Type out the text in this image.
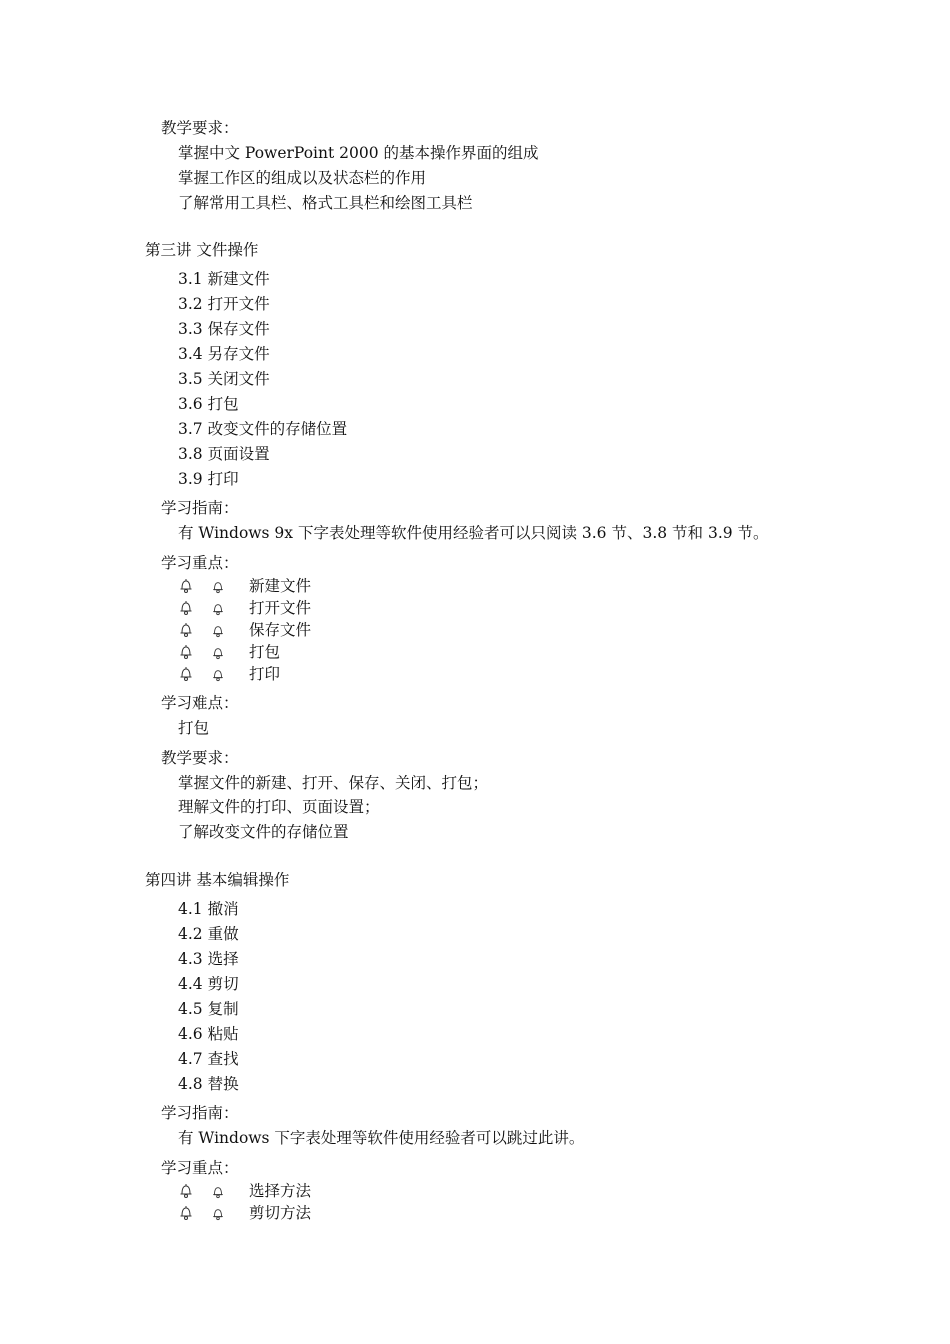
教学要求：
掌握中文 PowerPoint 2000 的基本操作界面的组成
掌握工作区的组成以及状态栏的作用
了解常用工具栏、格式工具栏和绘图工具栏
第三讲 文件操作
3.1 新建文件
3.2 打开文件
3.3 保存文件
3.4 另存文件
3.5 关闭文件
3.6 打包
3.7 改变文件的存储位置
3.8 页面设置
3.9 打印
学习指南：
有 Windows 9x 下字表处理等软件使用经验者可以只阅读 3.6 节、3.8 节和 3.9 节。
学习重点：
新建文件
打开文件
保存文件
打包
打印
学习难点：
打包
教学要求：
掌握文件的新建、打开、保存、关闭、打包；
理解文件的打印、页面设置；
了解改变文件的存储位置
第四讲 基本编辑操作
4.1 撤消
4.2 重做
4.3 选择
4.4 剪切
4.5 复制
4.6 粘贴
4.7 查找
4.8 替换
学习指南：
有 Windows 下字表处理等软件使用经验者可以跳过此讲。
学习重点：
选择方法
剪切方法
